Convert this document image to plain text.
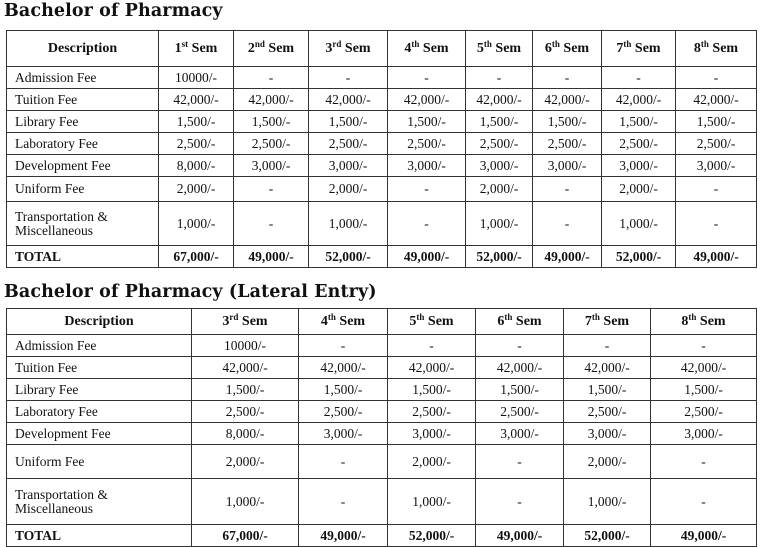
Bachelor of Pharmacy
Description	1st Sem	2nd Sem	3rd Sem	4th Sem	5th Sem	6th Sem	7th Sem	8th Sem
Admission Fee	10000/-	-	-	-	-	-	-	-
Tuition Fee	42,000/-	42,000/-	42,000/-	42,000/-	42,000/-	42,000/-	42,000/-	42,000/-
Library Fee	1,500/-	1,500/-	1,500/-	1,500/-	1,500/-	1,500/-	1,500/-	1,500/-
Laboratory Fee	2,500/-	2,500/-	2,500/-	2,500/-	2,500/-	2,500/-	2,500/-	2,500/-
Development Fee	8,000/-	3,000/-	3,000/-	3,000/-	3,000/-	3,000/-	3,000/-	3,000/-
Uniform Fee	2,000/-	-	2,000/-	-	2,000/-	-	2,000/-	-
Transportation &
Miscellaneous	1,000/-	-	1,000/-	-	1,000/-	-	1,000/-	-
TOTAL	67,000/-	49,000/-	52,000/-	49,000/-	52,000/-	49,000/-	52,000/-	49,000/-
Bachelor of Pharmacy (Lateral Entry)
Description	3rd Sem	4th Sem	5th Sem	6th Sem	7th Sem	8th Sem
Admission Fee	10000/-	-	-	-	-	-
Tuition Fee	42,000/-	42,000/-	42,000/-	42,000/-	42,000/-	42,000/-
Library Fee	1,500/-	1,500/-	1,500/-	1,500/-	1,500/-	1,500/-
Laboratory Fee	2,500/-	2,500/-	2,500/-	2,500/-	2,500/-	2,500/-
Development Fee	8,000/-	3,000/-	3,000/-	3,000/-	3,000/-	3,000/-
Uniform Fee	2,000/-	-	2,000/-	-	2,000/-	-
Transportation &
Miscellaneous	1,000/-	-	1,000/-	-	1,000/-	-
TOTAL	67,000/-	49,000/-	52,000/-	49,000/-	52,000/-	49,000/-
